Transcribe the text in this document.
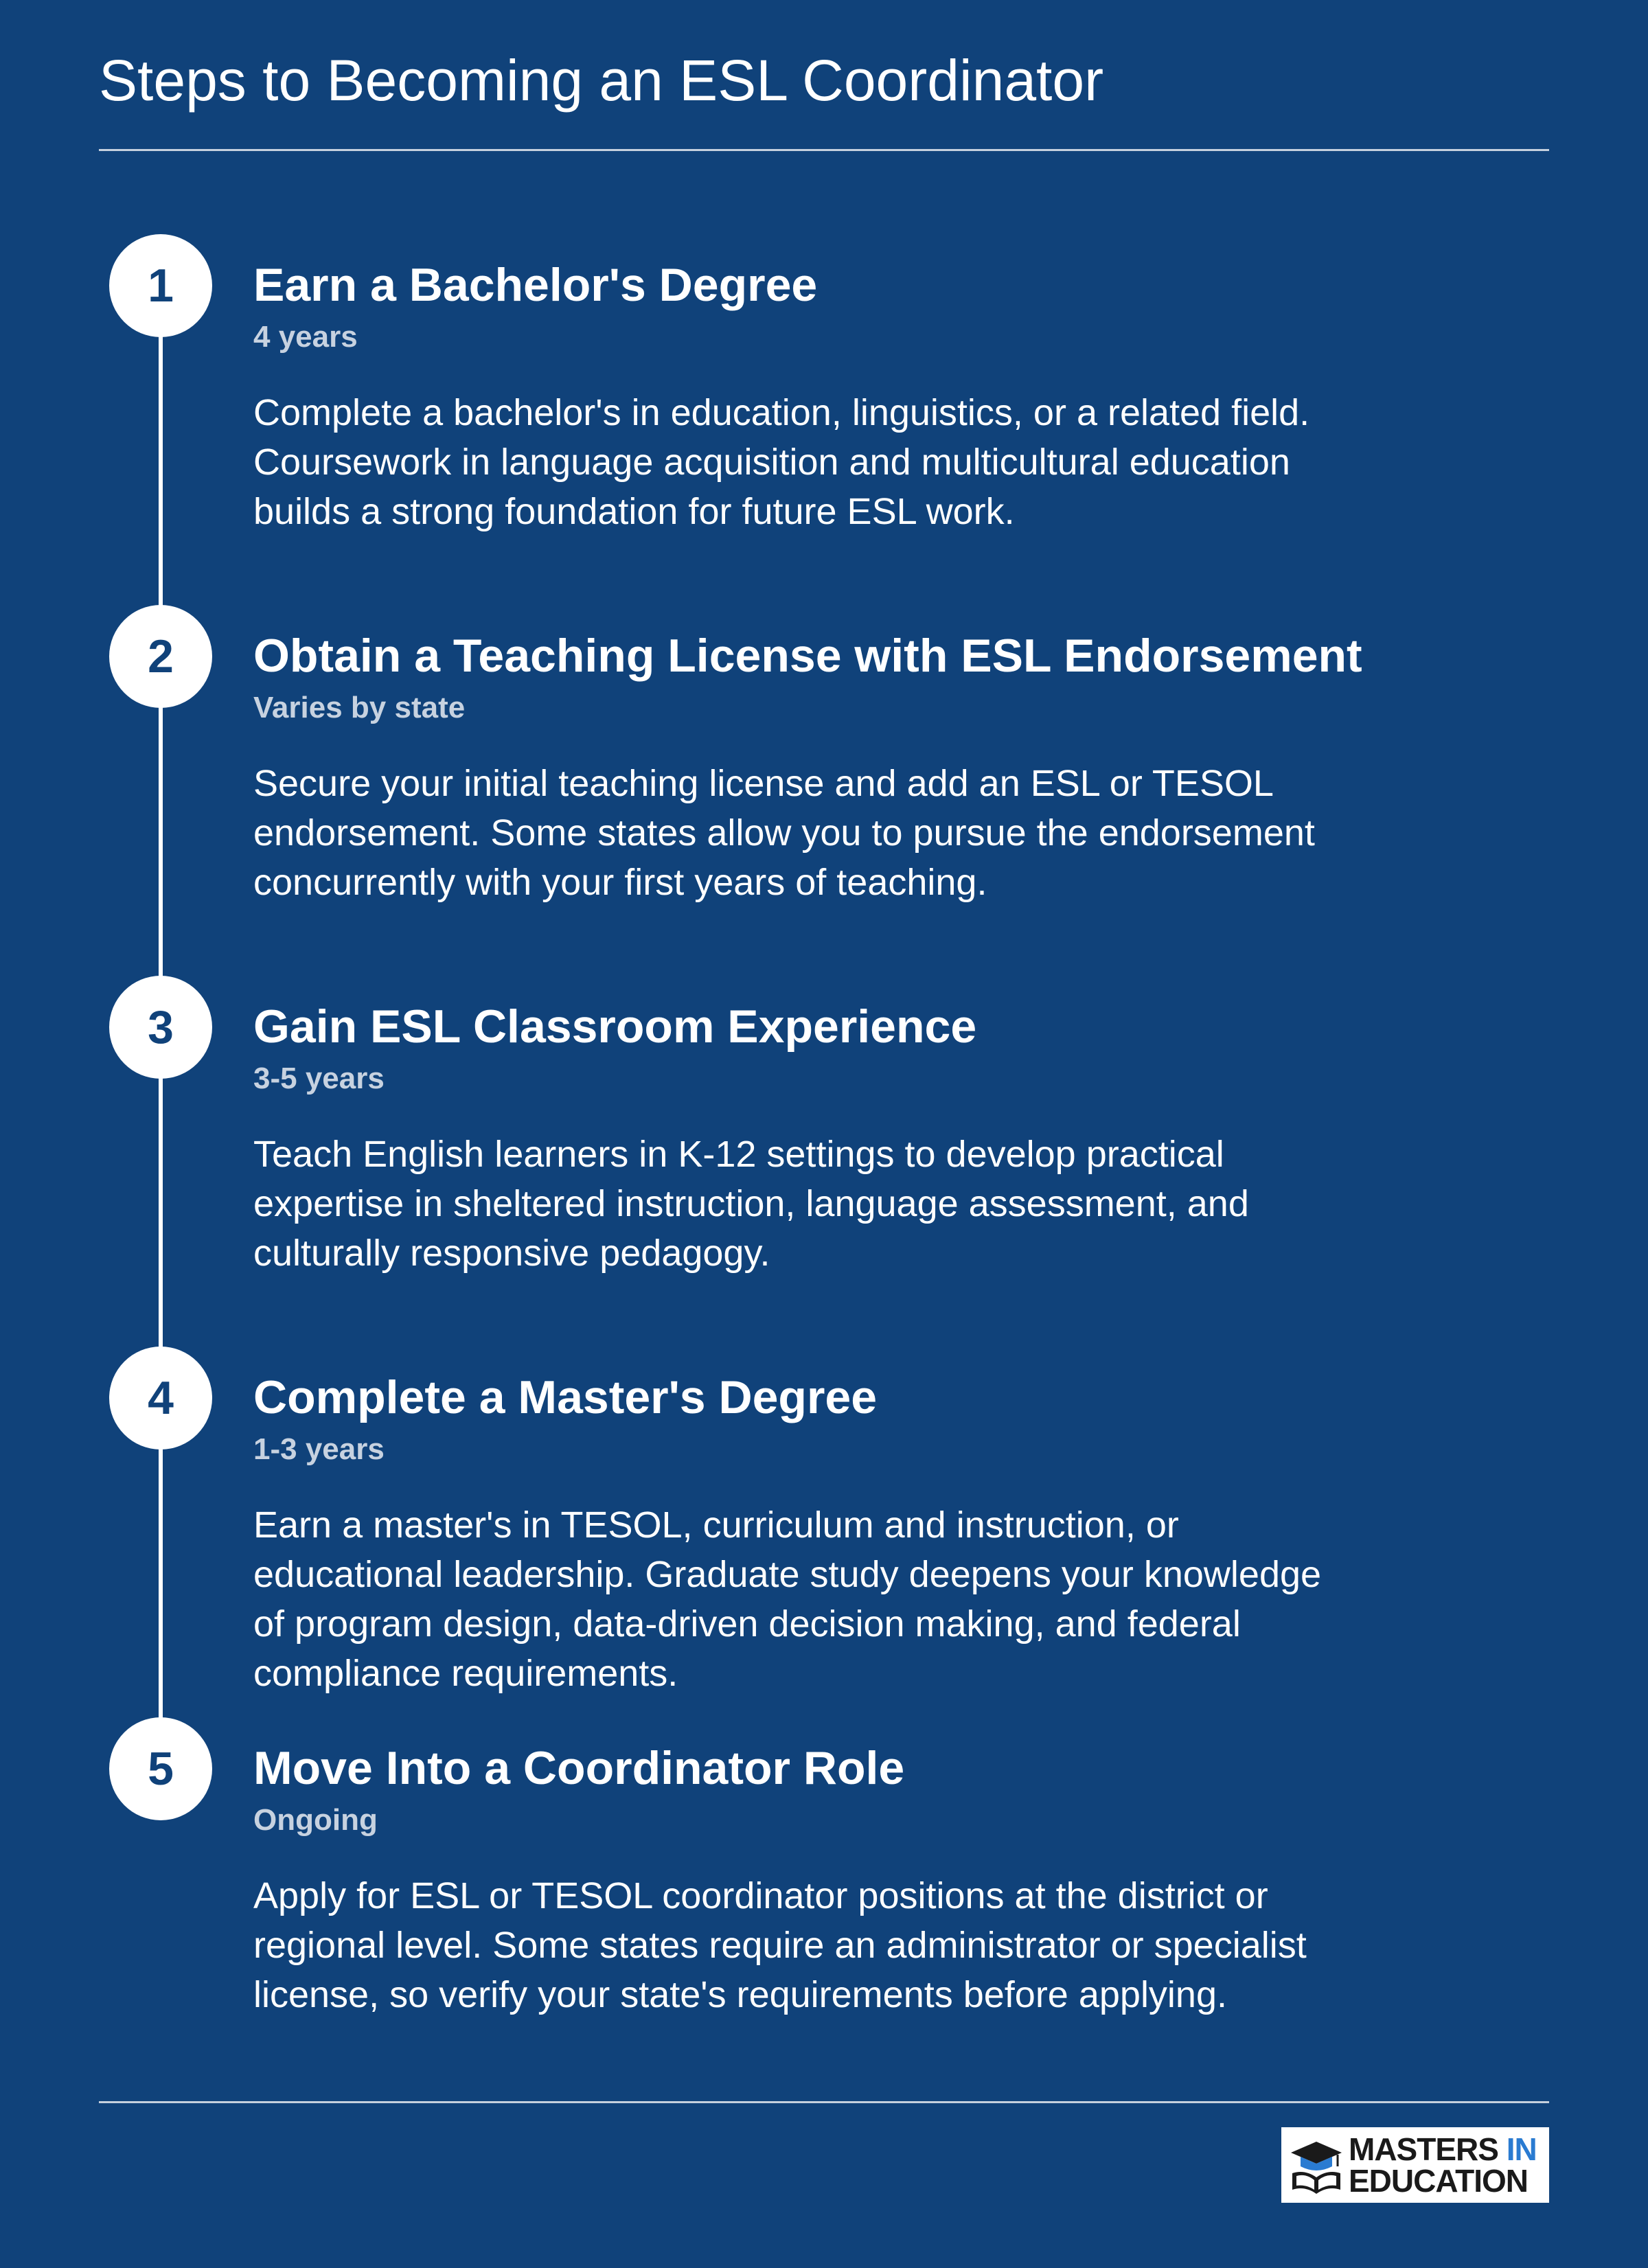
Steps to Becoming an ESL Coordinator
1	Earn a Bachelor's Degree

4 years

Complete a bachelor's in education, linguistics, or a related field. Coursework in language acquisition and multicultural education builds a strong foundation for future ESL work.

2	Obtain a Teaching License with ESL Endorsement

Varies by state

Secure your initial teaching license and add an ESL or TESOL endorsement. Some states allow you to pursue the endorsement concurrently with your first years of teaching.

3	Gain ESL Classroom Experience

3-5 years

Teach English learners in K-12 settings to develop practical expertise in sheltered instruction, language assessment, and culturally responsive pedagogy.

4	Complete a Master's Degree

1-3 years

Earn a master's in TESOL, curriculum and instruction, or educational leadership. Graduate study deepens your knowledge of program design, data-driven decision making, and federal compliance requirements.

5	Move Into a Coordinator Role

Ongoing

Apply for ESL or TESOL coordinator positions at the district or regional level. Some states require an administrator or specialist license, so verify your state's requirements before applying.

MASTERS IN
EDUCATION
